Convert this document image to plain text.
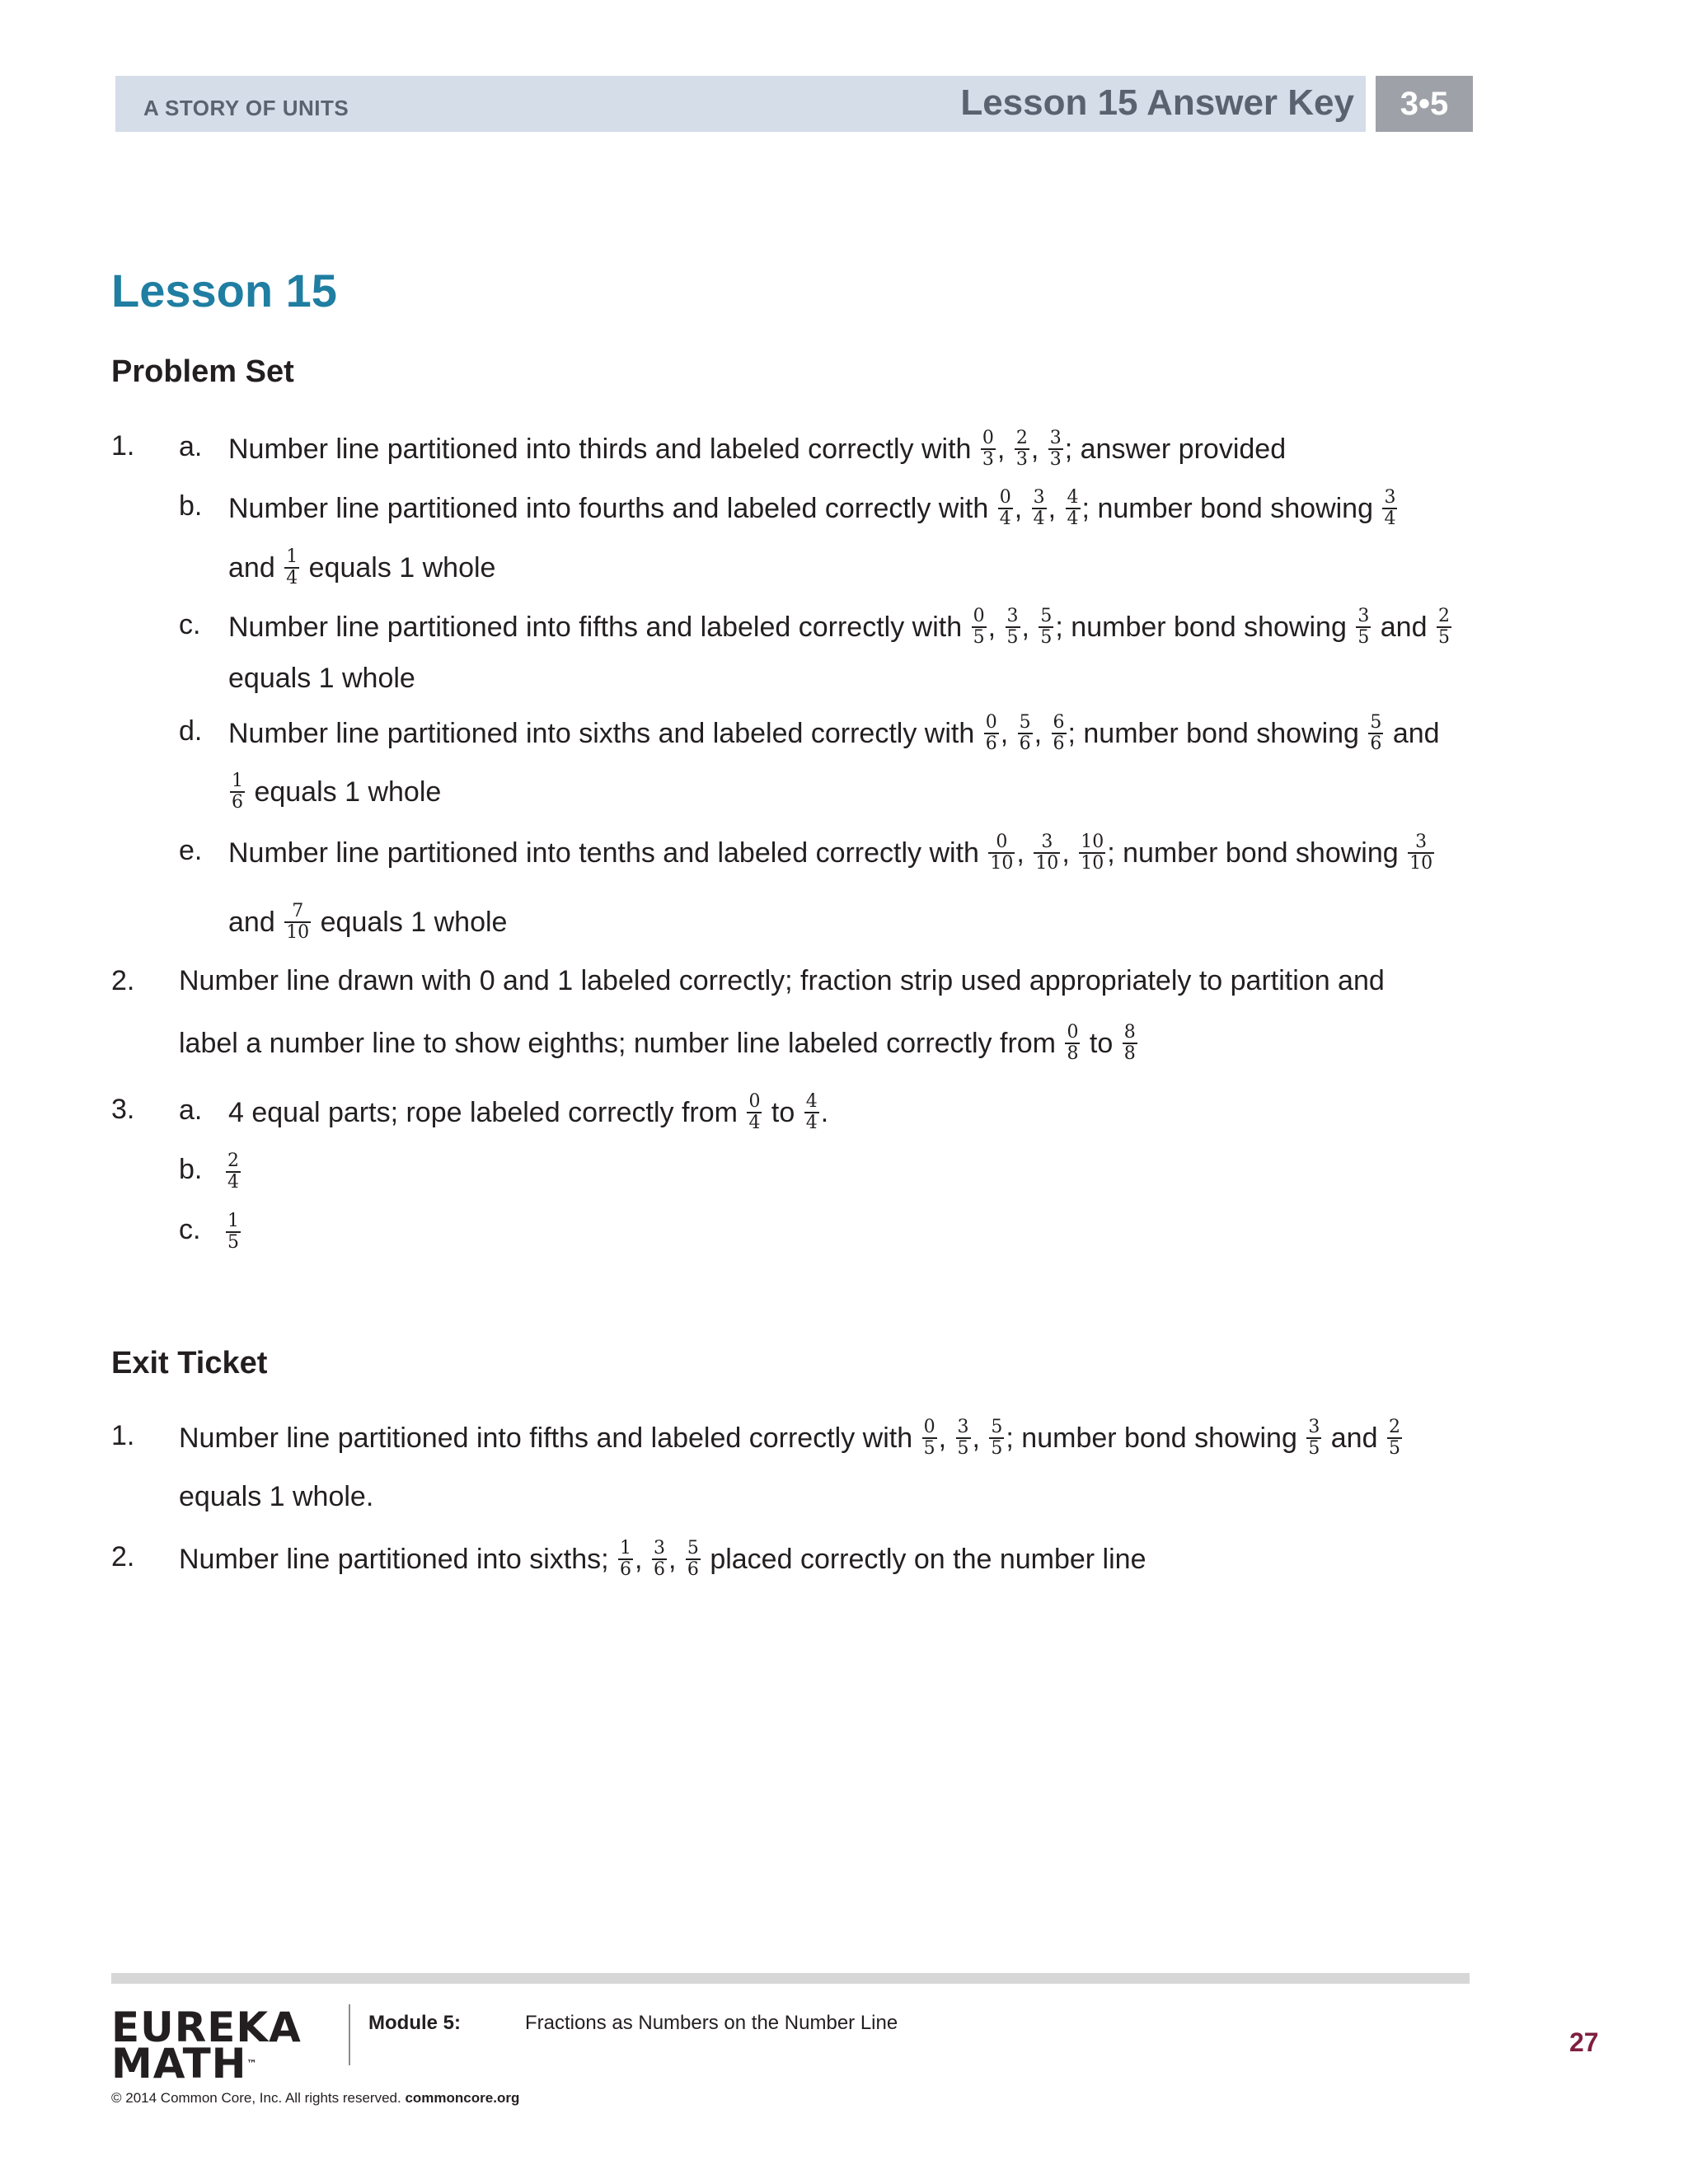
A STORY OF UNITS	Lesson 15 Answer Key	3•5
Lesson 15
Problem Set
1. a. Number line partitioned into thirds and labeled correctly with $\frac{0}{3}$ , $\frac{2}{3}$ , $\frac{3}{3}$ ; answer provided
b. Number line partitioned into fourths and labeled correctly with $\frac{0}{4}$ , $\frac{3}{4}$ , $\frac{4}{4}$ ; number bond showing $\frac{3}{4}$
and $\frac{1}{4}$ equals 1 whole
c. Number line partitioned into fifths and labeled correctly with $\frac{0}{5}$ , $\frac{3}{5}$ , $\frac{5}{5}$ ; number bond showing $\frac{3}{5}$ and $\frac{2}{5}$
equals 1 whole
d. Number line partitioned into sixths and labeled correctly with $\frac{0}{6}$ , $\frac{5}{6}$ , $\frac{6}{6}$ ; number bond showing $\frac{5}{6}$ and
$\frac{1}{6}$ equals 1 whole
e. Number line partitioned into tenths and labeled correctly with $\frac{0}{10}$ , $\frac{3}{10}$ , $\frac{10}{10}$ ; number bond showing $\frac{3}{10}$
and $\frac{7}{10}$ equals 1 whole
2. Number line drawn with 0 and 1 labeled correctly; fraction strip used appropriately to partition and
label a number line to show eighths; number line labeled correctly from $\frac{0}{8}$ to $\frac{8}{8}$
3. a. 4 equal parts; rope labeled correctly from $\frac{0}{4}$ to $\frac{4}{4}$ .
b. $\frac{2}{4}$
c. $\frac{1}{5}$
Exit Ticket
1. Number line partitioned into fifths and labeled correctly with $\frac{0}{5}$ , $\frac{3}{5}$ , $\frac{5}{5}$ ; number bond showing $\frac{3}{5}$ and $\frac{2}{5}$
equals 1 whole.
2. Number line partitioned into sixths; $\frac{1}{6}$ , $\frac{3}{6}$ , $\frac{5}{6}$ placed correctly on the number line
EUREKA
MATH™
Module 5:	Fractions as Numbers on the Number Line
27
© 2014 Common Core, Inc. All rights reserved. commoncore.org
